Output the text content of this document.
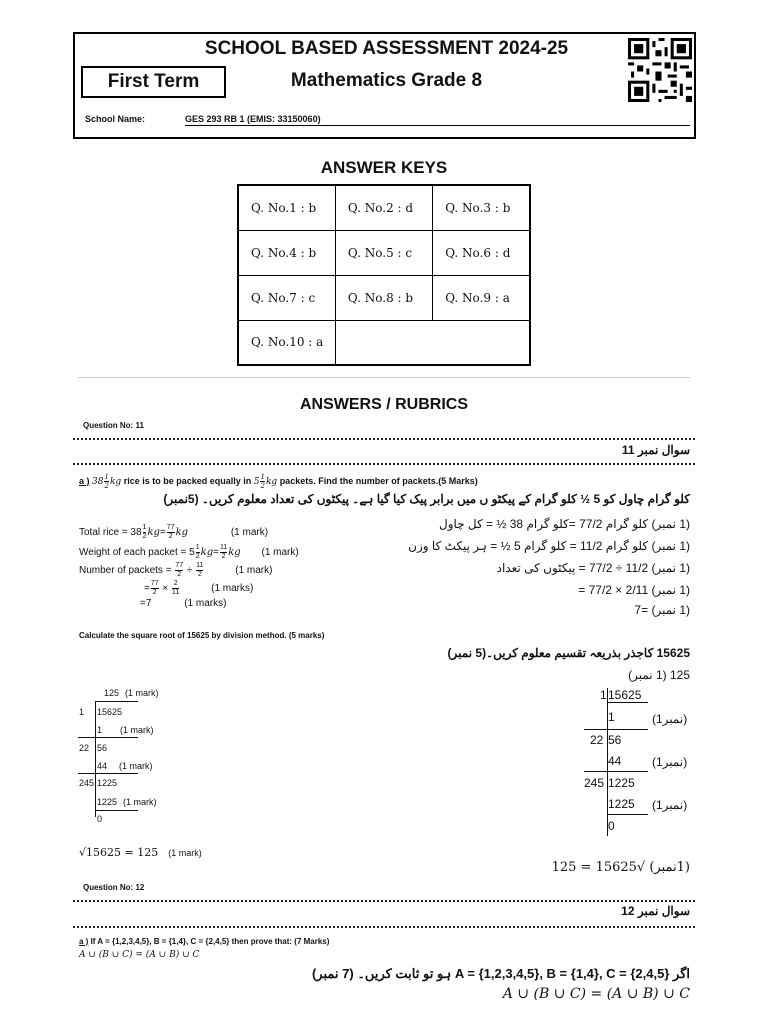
SCHOOL BASED ASSESSMENT 2024-25
First Term	Mathematics Grade 8
School Name:	GES 293 RB 1 (EMIS: 33150060)
ANSWER KEYS
Q. No.1 : b	Q. No.2 : d	Q. No.3 : b
Q. No.4 : b	Q. No.5 : c	Q. No.6 : d
Q. No.7 : c	Q. No.8 : b	Q. No.9 : a
Q. No.10 : a		
ANSWERS / RUBRICS
Question No: 11
سوال نمبر 11
a ) $38 \frac{1}{2}$ kg rice is to be packed equally in $5 \frac{1}{2}$ kg packets. Find the number of packets.(5 Marks)
کلو گرام چاول کو 5 ½ کلو گرام کے پیکٹو ں میں برابر پیک کیا گیا ہے۔ پیکٹوں کی تعداد معلوم کریں۔ (5نمبر)
Total rice = $38 \frac{1}{2} kg= \frac{77}{2}$ kg	(1 mark)
Weight of each packet = $5 \frac{1}{2} kg= \frac{11}{2}$ kg (1 mark)
Number of packets = $\frac{77}{2} \div \frac{11}{2}$	(1 mark)
= $\frac{77}{2} \times \frac{2}{11}$	(1 marks)
=7	(1 marks)
(1 نمبر) کلو گرام 77/2 =کلو گرام 38 ½ = کل چاول
(1 نمبر) کلو گرام 11/2 = کلو گرام 5 ½ = ہر پیکٹ کا وزن
(1 نمبر) 11/2 ÷ 77/2 = پیکٹوں کی تعداد
(1 نمبر) 2/11 × 77/2 =
(1 نمبر) =7
Calculate the square root of 15625 by division method. (5 marks)
15625 کاجذر بذریعہ تقسیم معلوم کریں۔(5 نمبر)
125 (1 نمبر)
125 (1 mark)
1 15625
1 (1 mark)
22 56
44 (1 mark)
245 1225
1225 (1 mark)
0
1 15625
1	(1نمبر)
22 56
44	(1نمبر)
245 1225
1225 (1نمبر)
0
√15625 = 125 (1 mark)
(1نمبر) √15625 = 125
Question No: 12
سوال نمبر 12
a ) If A = {1,2,3,4,5}, B = {1,4}, C = {2,4,5} then prove that: (7 Marks)
A ∪ (B ∪ C) = (A ∪ B) ∪ C
اگر A = {1,2,3,4,5}, B = {1,4}, C = {2,4,5} ہو تو ثابت کریں۔ (7 نمبر)
A ∪ (B ∪ C) = (A ∪ B) ∪ C
